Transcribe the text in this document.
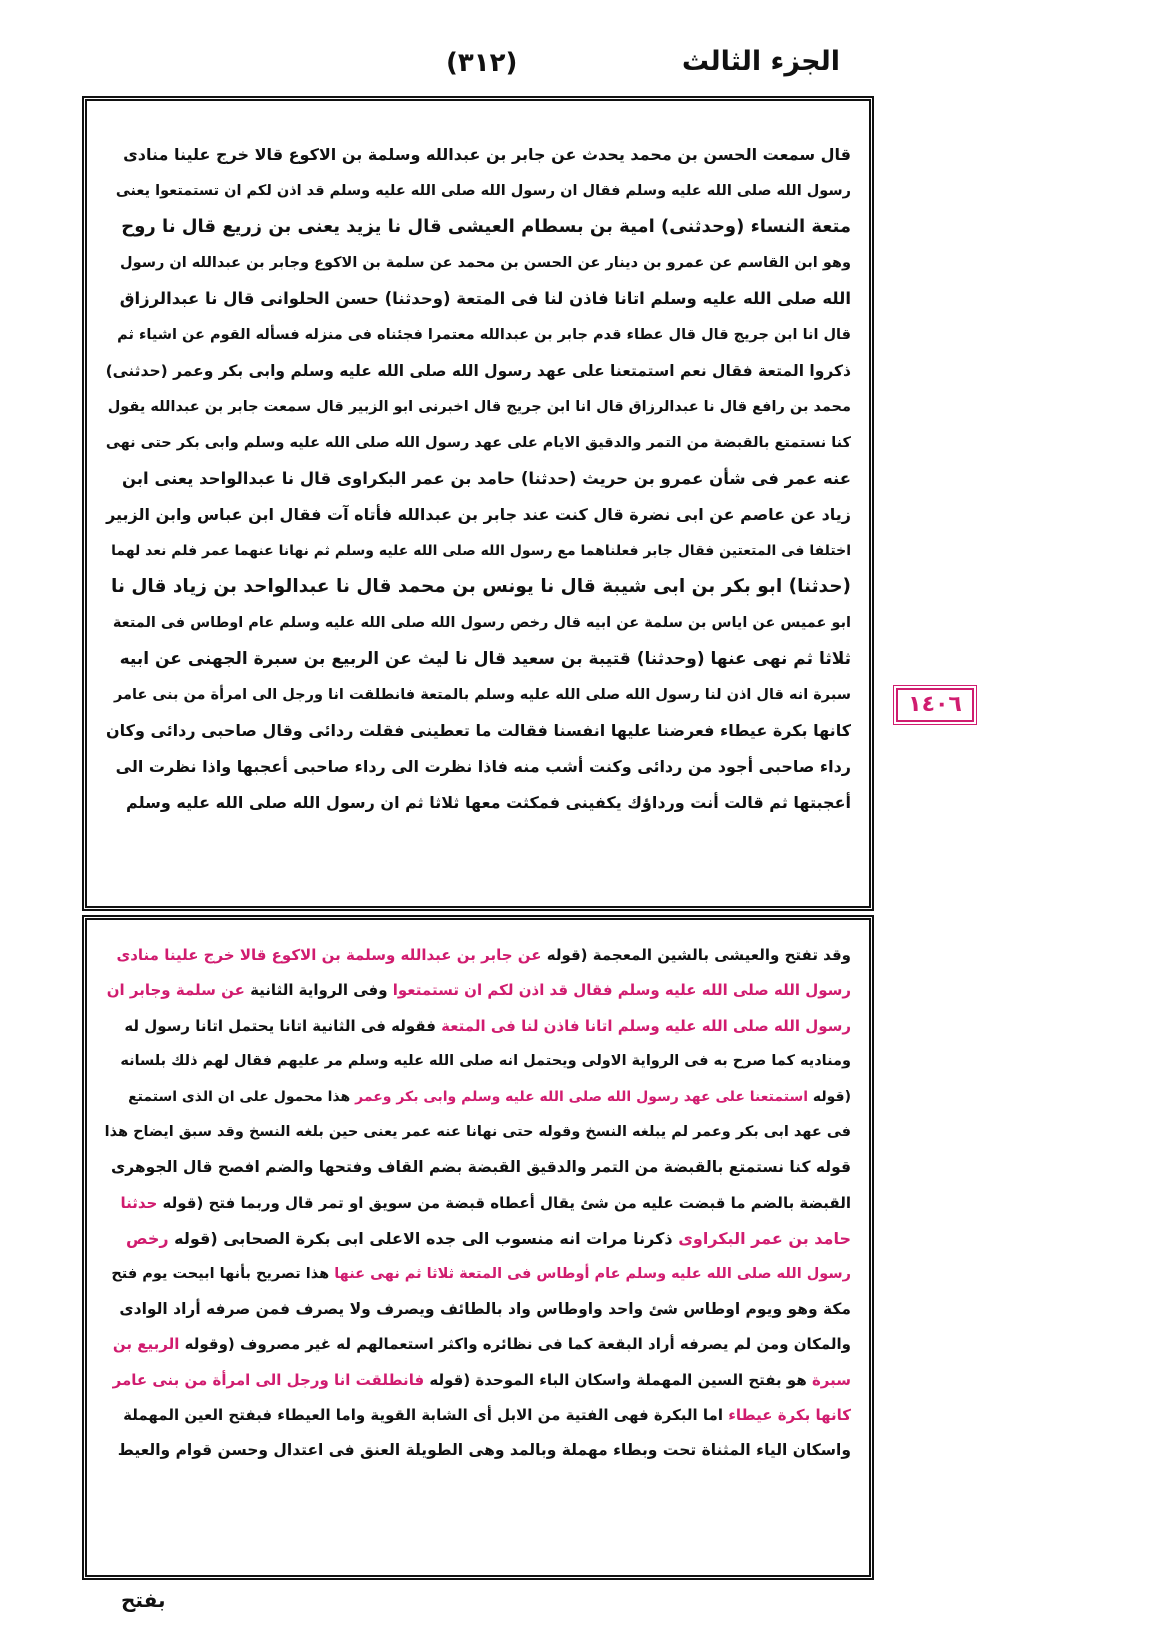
الجزء الثالث
(٣١٢)
قال سمعت الحسن بن محمد يحدث عن جابر بن عبدالله وسلمة بن الاكوع قالا خرج علينا منادى
رسول الله صلى الله عليه وسلم فقال ان رسول الله صلى الله عليه وسلم قد اذن لكم ان تستمتعوا يعنى
متعة النساء (وحدثنى) امية بن بسطام العيشى قال نا يزيد يعنى بن زريع قال نا روح
وهو ابن القاسم عن عمرو بن دينار عن الحسن بن محمد عن سلمة بن الاكوع وجابر بن عبدالله ان رسول
الله صلى الله عليه وسلم اتانا فاذن لنا فى المتعة (وحدثنا) حسن الحلوانى قال نا عبدالرزاق
قال انا ابن جريج قال قال عطاء قدم جابر بن عبدالله معتمرا فجئناه فى منزله فسأله القوم عن اشياء ثم
ذكروا المتعة فقال نعم استمتعنا على عهد رسول الله صلى الله عليه وسلم وابى بكر وعمر (حدثنى)
محمد بن رافع قال نا عبدالرزاق قال انا ابن جريج قال اخبرنى ابو الزبير قال سمعت جابر بن عبدالله يقول
كنا نستمتع بالقبضة من التمر والدقيق الايام على عهد رسول الله صلى الله عليه وسلم وابى بكر حتى نهى
عنه عمر فى شأن عمرو بن حريث (حدثنا) حامد بن عمر البكراوى قال نا عبدالواحد يعنى ابن
زياد عن عاصم عن ابى نضرة قال كنت عند جابر بن عبدالله فأتاه آت فقال ابن عباس وابن الزبير
اختلفا فى المتعتين فقال جابر فعلناهما مع رسول الله صلى الله عليه وسلم ثم نهانا عنهما عمر فلم نعد لهما
(حدثنا) ابو بكر بن ابى شيبة قال نا يونس بن محمد قال نا عبدالواحد بن زياد قال نا
ابو عميس عن اياس بن سلمة عن ابيه قال رخص رسول الله صلى الله عليه وسلم عام اوطاس فى المتعة
ثلاثا ثم نهى عنها (وحدثنا) قتيبة بن سعيد قال نا ليث عن الربيع بن سبرة الجهنى عن ابيه
سبرة انه قال اذن لنا رسول الله صلى الله عليه وسلم بالمتعة فانطلقت انا ورجل الى امرأة من بنى عامر
كانها بكرة عيطاء فعرضنا عليها انفسنا فقالت ما تعطينى فقلت ردائى وقال صاحبى ردائى وكان
رداء صاحبى أجود من ردائى وكنت أشب منه فاذا نظرت الى رداء صاحبى أعجبها واذا نظرت الى
أعجبتها ثم قالت أنت ورداؤك يكفينى فمكثت معها ثلاثا ثم ان رسول الله صلى الله عليه وسلم
١٤٠٦
وقد تفتح والعيشى بالشين المعجمة (قوله عن جابر بن عبدالله وسلمة بن الاكوع قالا خرج علينا منادى
رسول الله صلى الله عليه وسلم فقال قد اذن لكم ان تستمتعوا وفى الرواية الثانية عن سلمة وجابر ان
رسول الله صلى الله عليه وسلم اتانا فاذن لنا فى المتعة فقوله فى الثانية اتانا يحتمل اتانا رسول له
ومناديه كما صرح به فى الرواية الاولى ويحتمل انه صلى الله عليه وسلم مر عليهم فقال لهم ذلك بلسانه
(قوله استمتعنا على عهد رسول الله صلى الله عليه وسلم وابى بكر وعمر هذا محمول على ان الذى استمتع
فى عهد ابى بكر وعمر لم يبلغه النسخ وقوله حتى نهانا عنه عمر يعنى حين بلغه النسخ وقد سبق ايضاح هذا
قوله كنا نستمتع بالقبضة من التمر والدقيق القبضة بضم القاف وفتحها والضم افصح قال الجوهرى
القبضة بالضم ما قبضت عليه من شئ يقال أعطاه قبضة من سويق او تمر قال وربما فتح (قوله حدثنا
حامد بن عمر البكراوى ذكرنا مرات انه منسوب الى جده الاعلى ابى بكرة الصحابى (قوله رخص
رسول الله صلى الله عليه وسلم عام أوطاس فى المتعة ثلاثا ثم نهى عنها هذا تصريح بأنها ابيحت يوم فتح
مكة وهو ويوم اوطاس شئ واحد واوطاس واد بالطائف ويصرف ولا يصرف فمن صرفه أراد الوادى
والمكان ومن لم يصرفه أراد البقعة كما فى نظائره واكثر استعمالهم له غير مصروف (وقوله الربيع بن
سبرة هو بفتح السين المهملة واسكان الباء الموحدة (قوله فانطلقت انا ورجل الى امرأة من بنى عامر
كانها بكرة عيطاء اما البكرة فهى الفتية من الابل أى الشابة القوية واما العيطاء فبفتح العين المهملة
واسكان الياء المثناة تحت وبطاء مهملة وبالمد وهى الطويلة العنق فى اعتدال وحسن قوام والعيط
بفتح
